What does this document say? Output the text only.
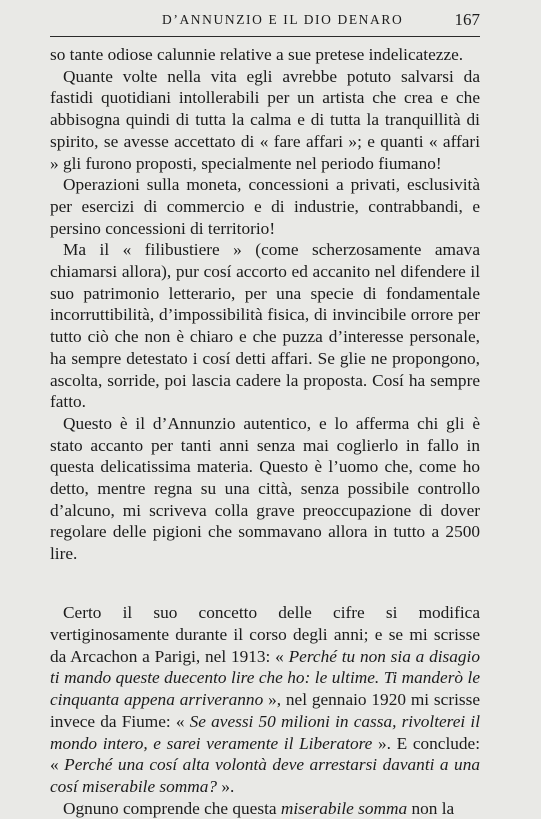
D’ANNUNZIO E IL DIO DENARO	167

so tante odiose calunnie relative a sue pretese indelicatezze.

Quante volte nella vita egli avrebbe potuto salvarsi da fastidi quotidiani intollerabili per un artista che crea e che abbisogna quindi di tutta la calma e di tutta la tranquillità di spirito, se avesse accettato di « fare affari »; e quanti « affari » gli furono proposti, specialmente nel periodo fiumano!

Operazioni sulla moneta, concessioni a privati, esclusività per esercizi di commercio e di industrie, contrabbandi, e persino concessioni di territorio!

Ma il « filibustiere » (come scherzosamente amava chiamarsi allora), pur cosí accorto ed accanito nel difendere il suo patrimonio letterario, per una specie di fondamentale incorruttibilità, d’impossibilità fisica, di invincibile orrore per tutto ciò che non è chiaro e che puzza d’interesse personale, ha sempre detestato i cosí detti affari. Se glie ne propongono, ascolta, sorride, poi lascia cadere la proposta. Cosí ha sempre fatto.

Questo è il d’Annunzio autentico, e lo afferma chi gli è stato accanto per tanti anni senza mai coglierlo in fallo in questa delicatissima materia. Questo è l’uomo che, come ho detto, mentre regna su una città, senza possibile controllo d’alcuno, mi scriveva colla grave preoccupazione di dover regolare delle pigioni che sommavano allora in tutto a 2500 lire.

Certo il suo concetto delle cifre si modifica vertiginosamente durante il corso degli anni; e se mi scrisse da Arcachon a Parigi, nel 1913: « Perché tu non sia a disagio ti mando queste duecento lire che ho: le ultime. Ti manderò le cinquanta appena arriveranno », nel gennaio 1920 mi scrisse invece da Fiume: « Se avessi 50 milioni in cassa, rivolterei il mondo intero, e sarei veramente il Liberatore ». E conclude: « Perché una cosí alta volontà deve arrestarsi davanti a una cosí miserabile somma? ».

Ognuno comprende che questa miserabile somma non la
